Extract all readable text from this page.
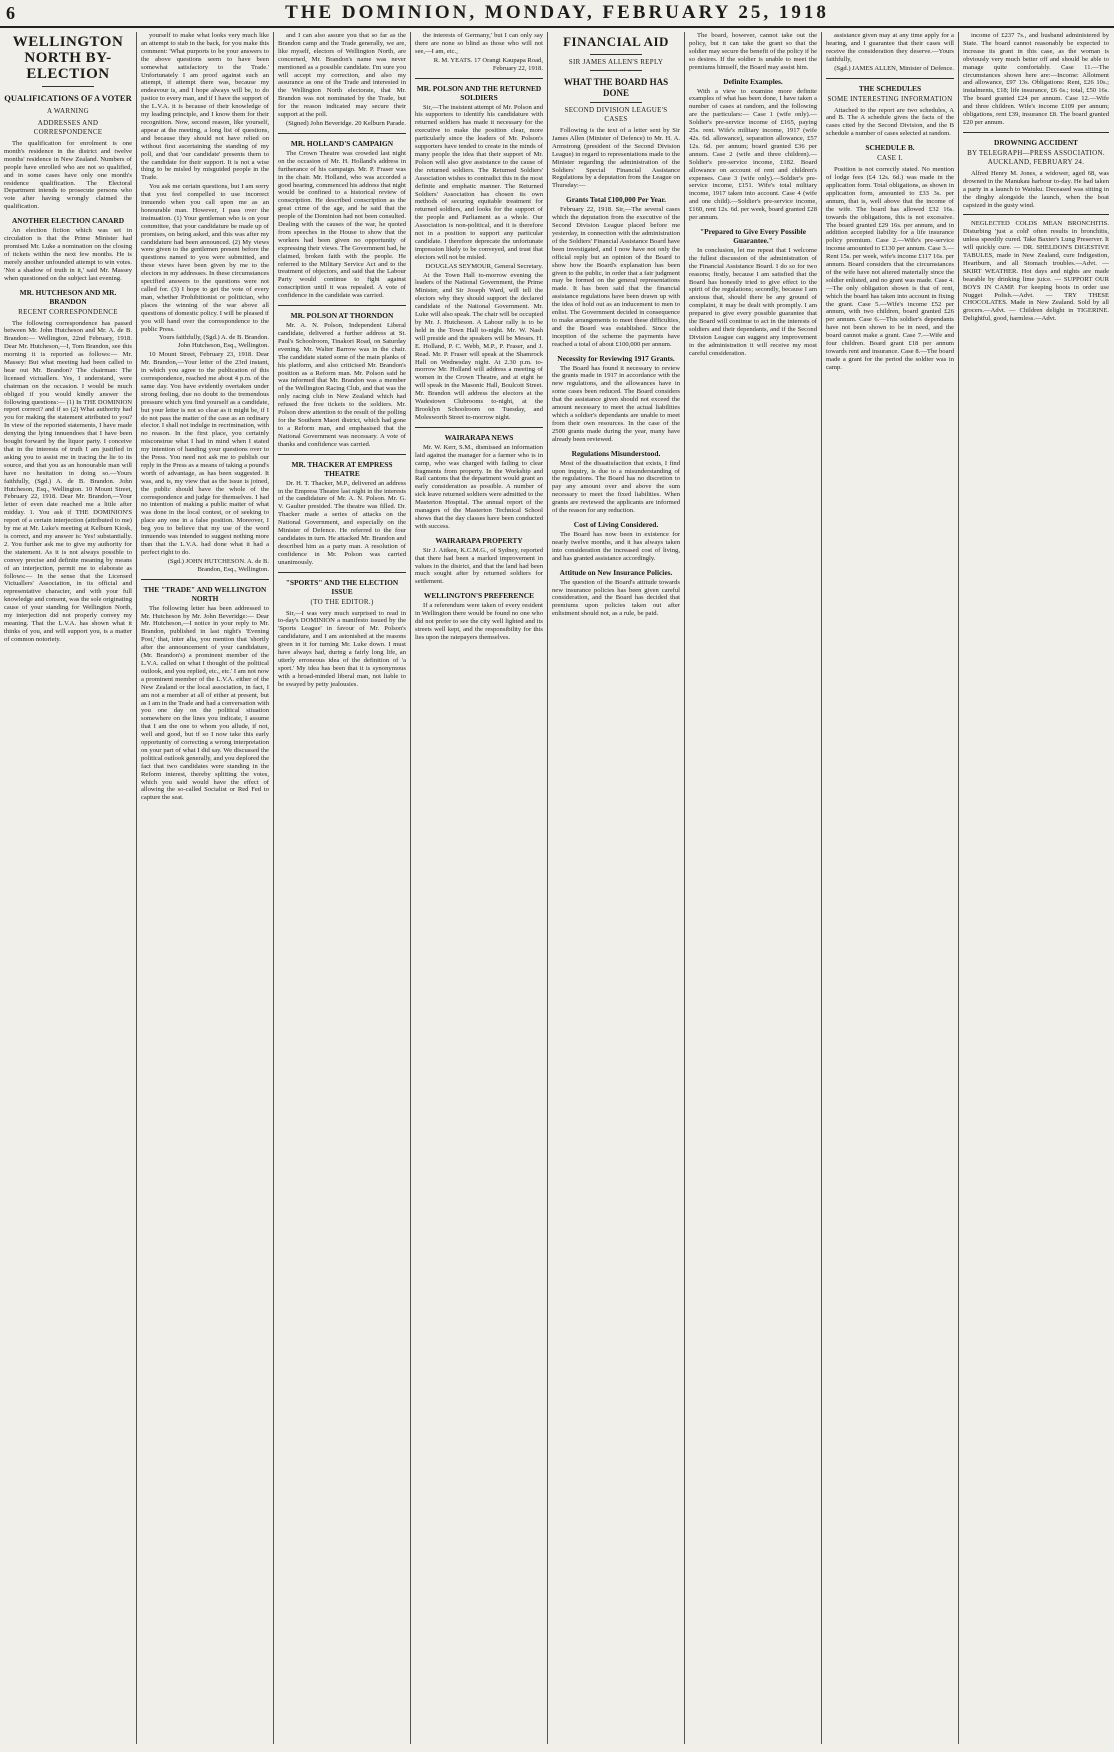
6	THE DOMINION, MONDAY, FEBRUARY 25, 1918
WELLINGTON NORTH BY-ELECTION
QUALIFICATIONS OF A VOTER
A WARNING
ADDRESSES AND CORRESPONDENCE

The qualification for enrolment is one month's residence in the district and twelve months' residence in New Zealand. Numbers of people have enrolled who are not so qualified, and in some cases have only one month's residence qualification. The Electoral Department intends to prosecute persons who vote after having wrongly claimed the qualification.

ANOTHER ELECTION CANARD

An election fiction which was set in circulation is that the Prime Minister had promised Mr. Luke a nomination on the closing of tickets within the next few months. He is merely another unfounded attempt to win votes. 'Not a shadow of truth in it,' said Mr. Massey when questioned on the subject last evening.

MR. HUTCHESON AND MR. BRANDON
RECENT CORRESPONDENCE

The following correspondence has passed between Mr. John Hutcheson and Mr. A. de B. Brandon:— Wellington, 22nd February, 1918. Dear Mr. Hutcheson,—I, Tom Brandon, see this morning it is reported as follows:— Mr. Massey: But what meeting had been called to hear out Mr. Brandon? The chairman: The licensed victuallers. Yes, I understand, were chairman on the occasion. I would be much obliged if you would kindly answer the following questions:— (1) In THE DOMINION report correct? and if so (2) What authority had you for making the statement attributed to you? In view of the reported statements, I have made denying the lying innuendoes that I have been bought forward by the liquor party. I conceive that in the interests of truth I am justified in asking you to assist me in tracing the lie to its source, and that you as an honourable man will have no hesitation in doing so.—Yours faithfully, (Sgd.) A. de B. Brandon. John Hutcheson, Esq., Wellington. 10 Mount Street, February 22, 1918. Dear Mr. Brandon,—Your letter of even date reached me a little after midday. 1. You ask if THE DOMINION'S report of a certain interjection (attributed to me) by me at Mr. Luke's meeting at Kelburn Kiosk, is correct, and my answer is: Yes! substantially. 2. You further ask me to give my authority for the statement. As it is not always possible to convey precise and definite meaning by means of an interjection, permit me to elaborate as follows:— In the sense that the Licensed Victuallers' Association, in its official and representative character, and with your full knowledge and consent, was the sole originating cause of your standing for Wellington North, my interjection did not properly convey my meaning. That the L.V.A. has shown what it thinks of you, and will support you, is a matter of common notoriety.

yourself to make what looks very much like an attempt to stab in the back, for you make this comment: 'What purports to be your answers to the above questions seem to have been somewhat satisfactory to the Trade.' Unfortunately I am proof against such an attempt, if attempt there was, because my endeavour is, and I hope always will be, to do justice to every man, and if I have the support of the L.V.A. it is because of their knowledge of my leading principle, and I know them for their recognition. Now, second reason, like yourself, appear at the meeting, a long list of questions, and because they should not have relied on without first ascertaining the standing of my poll, and that 'our candidate' presents them to the candidate for their support. It is not a wise thing to be misled by misguided people in the Trade.

You ask me certain questions, but I am sorry that you feel compelled to use incorrect innuendo when you call upon me as an honourable man. However, I pass over the insinuation. (1) Your gentleman who is on your committee, that your candidature be made up of promises, on being asked, and this was after my candidature had been announced. (2) My views were given to the gentlemen present before the questions named to you were submitted, and these views have been given by me to the electors in my addresses. In these circumstances specified answers to the questions were not called for. (3) I hope to get the vote of every man, whether Prohibitionist or politician, who places the winning of the war above all questions of domestic policy. I will be pleased if you will hand over the correspondence to the public Press.

Yours faithfully, (Sgd.) A. de B. Brandon. John Hutcheson, Esq., Wellington.

10 Mount Street, February 23, 1918. Dear Mr. Brandon,—Your letter of the 23rd instant, in which you agree to the publication of this correspondence, reached me about 4 p.m. of the same day. You have evidently overtaken under strong feeling, due no doubt to the tremendous pressure which you find yourself as a candidate, but your letter is not so clear as it might be, if I do not pass the matter of the case as an ordinary elector. I shall not indulge in recrimination, with no reason. In the first place, you certainly misconstrue what I had in mind when I stated my intention of handing your questions over to the Press. You need not ask me to publish our reply in the Press as a means of taking a pound's worth of advantage, as has been suggested. It was, and is, my view that as the issue is joined, the public should have the whole of the correspondence and judge for themselves. I had no intention of making a public matter of what was done in the local contest, or of seeking to place any one in a false position. Moreover, I beg you to believe that my use of the word innuendo was intended to suggest nothing more than that the L.V.A. had done what it had a perfect right to do.

(Sgd.) JOHN HUTCHESON. A. de B. Brandon, Esq., Wellington.

THE "TRADE" AND WELLINGTON NORTH

The following letter has been addressed to Mr. Hutcheson by Mr. John Beveridge:— Dear Mr. Hutcheson,—I notice in your reply to Mr. Brandon, published in last night's 'Evening Post,' that, inter alia, you mention that 'shortly after the announcement of your candidature, (Mr. Brandon's) a prominent member of the L.V.A. called on what I thought of the political outlook, and you replied, etc., etc.' I am not now a prominent member of the L.V.A. either of the New Zealand or the local association, in fact, I am not a member at all of either at present, but as I am in the Trade and had a conversation with you one day on the political situation somewhere on the lines you indicate, I assume that I am the one to whom you allude, if not, well and good, but if so I now take this early opportunity of correcting a wrong interpretation on your part of what I did say. We discussed the political outlook generally, and you deplored the fact that two candidates were standing in the Reform interest, thereby splitting the votes, which you said would have the effect of allowing the so-called Socialist or Red Fed to capture the seat.

and I can also assure you that so far as the Brandon camp and the Trade generally, we are, like myself, electors of Wellington North, are concerned, Mr. Brandon's name was never mentioned as a possible candidate. I'm sure you will accept my correction, and also my assurance as one of the Trade and interested in the Wellington North electorate, that Mr. Brandon was not nominated by the Trade, but for the reason indicated may secure their support at the poll.

(Signed) John Beveridge. 20 Kelburn Parade.

MR. HOLLAND'S CAMPAIGN

The Crown Theatre was crowded last night on the occasion of Mr. H. Holland's address in furtherance of his campaign. Mr. P. Fraser was in the chair. Mr. Holland, who was accorded a good hearing, commenced his address that night would be confined to a historical review of conscription. He described conscription as the great crime of the age, and he said that the people of the Dominion had not been consulted. Dealing with the causes of the war, he quoted from speeches in the House to show that the workers had been given no opportunity of expressing their views. The Government had, he claimed, broken faith with the people. He referred to the Military Service Act and to the treatment of objectors, and said that the Labour Party would continue to fight against conscription until it was repealed. A vote of confidence in the candidate was carried.

MR. POLSON AT THORNDON

Mr. A. N. Polson, Independent Liberal candidate, delivered a further address at St. Paul's Schoolroom, Tinakori Road, on Saturday evening. Mr. Walter Barrow was in the chair. The candidate stated some of the main planks of his platform, and also criticised Mr. Brandon's position as a Reform man. Mr. Polson said he was informed that Mr. Brandon was a member of the Wellington Racing Club, and that was the only racing club in New Zealand which had refused the free tickets to the soldiers. Mr. Polson drew attention to the result of the polling for the Southern Maori district, which had gone to a Reform man, and emphasised that the National Government was necessary. A vote of thanks and confidence was carried.

MR. THACKER AT EMPRESS THEATRE

Dr. H. T. Thacker, M.P., delivered an address in the Empress Theatre last night in the interests of the candidature of Mr. A. N. Polson. Mr. G. V. Gaulter presided. The theatre was filled. Dr. Thacker made a series of attacks on the National Government, and especially on the Minister of Defence. He referred to the four candidates in turn. He attacked Mr. Brandon and described him as a party man. A resolution of confidence in Mr. Polson was carried unanimously.

"SPORTS" AND THE ELECTION ISSUE
(TO THE EDITOR.)

Sir,—I was very much surprised to read in to-day's DOMINION a manifesto issued by the 'Sports League' in favour of Mr. Polson's candidature, and I am astonished at the reasons given in it for turning Mr. Luke down. I must have always had, during a fairly long life, an utterly erroneous idea of the definition of 'a sport.' My idea has been that it is synonymous with a broad-minded liberal man, not liable to be swayed by petty jealousies.

the interests of Germany,' but I can only say there are none so blind as those who will not see,—I am, etc.,

R. M. YEATS. 17 Orangi Kaupapa Road, February 22, 1918.

MR. POLSON AND THE RETURNED SOLDIERS

Sir,—The insistent attempt of Mr. Polson and his supporters to identify his candidature with returned soldiers has made it necessary for the executive to make the position clear, more particularly since the leaders of Mr. Polson's supporters have tended to create in the minds of many people the idea that their support of Mr. Polson will also give assistance to the cause of the returned soldiers. The Returned Soldiers' Association wishes to contradict this in the most definite and emphatic manner. The Returned Soldiers' Association has chosen its own methods of securing equitable treatment for returned soldiers, and looks for the support of the people and Parliament as a whole. Our Association is non-political, and it is therefore not in a position to support any particular candidate. I therefore deprecate the unfortunate impression likely to be conveyed, and trust that electors will not be misled.

DOUGLAS SEYMOUR, General Secretary.

At the Town Hall to-morrow evening the leaders of the National Government, the Prime Minister, and Sir Joseph Ward, will tell the electors why they should support the declared candidate of the National Government. Mr. Luke will also speak. The chair will be occupied by Mr. J. Hutcheson. A Labour rally is to be held in the Town Hall to-night. Mr. W. Nash will preside and the speakers will be Messrs. H. E. Holland, P. C. Webb, M.P., P. Fraser, and J. Read. Mr. P. Fraser will speak at the Shamrock Hall on Wednesday night. At 2.30 p.m. to-morrow Mr. Holland will address a meeting of women in the Crown Theatre, and at eight he will speak in the Masonic Hall, Boulcott Street. Mr. Brandon will address the electors at the Wadestown Clubrooms to-night, at the Brooklyn Schoolroom on Tuesday, and Molesworth Street to-morrow night.

WAIRARAPA NEWS

Mr. W. Kerr, S.M., dismissed an information laid against the manager for a farmer who is in camp, who was charged with failing to clear fragments from property. In the Workship and Rail cantons that the department would grant an early consideration as possible. A number of sick leave returned soldiers were admitted to the Masterton Hospital. The annual report of the managers of the Masterton Technical School shows that the day classes have been conducted with success.

WAIRARAPA PROPERTY

Sir J. Aitken, K.C.M.G., of Sydney, reported that there had been a marked improvement in values in the district, and that the land had been much sought after by returned soldiers for settlement.

WELLINGTON'S PREFERENCE

If a referendum were taken of every resident in Wellington there would be found no one who did not prefer to see the city well lighted and its streets well kept, and the responsibility for this lies upon the ratepayers themselves.

FINANCIAL AID
SIR JAMES ALLEN'S REPLY
WHAT THE BOARD HAS DONE
SECOND DIVISION LEAGUE'S CASES

Following is the text of a letter sent by Sir James Allen (Minister of Defence) to Mr. H. A. Armstrong (president of the Second Division League) in regard to representations made to the Minister regarding the administration of the Soldiers' Special Financial Assistance Regulations by a deputation from the League on Thursday:—

Grants Total £100,000 Per Year.

February 22, 1918. Sir,—The several cases which the deputation from the executive of the Second Division League placed before me yesterday, in connection with the administration of the Soldiers' Financial Assistance Board have been investigated, and I now have not only the official reply but an opinion of the Board to show how the Board's explanation has been given to the public, in order that a fair judgment may be formed on the general representations made. It has been said that the financial assistance regulations have been drawn up with the idea of hold out as an inducement to men to enlist. The Government decided in consequence to make arrangements to meet these difficulties, and the Board was established. Since the inception of the scheme the payments have reached a total of about £100,000 per annum.

Necessity for Reviewing 1917 Grants.

The Board has found it necessary to review the grants made in 1917 in accordance with the new regulations, and the allowances have in some cases been reduced. The Board considers that the assistance given should not exceed the amount necessary to meet the actual liabilities which a soldier's dependants are unable to meet from their own resources. In the case of the 2500 grants made during the year, many have already been reviewed.

Regulations Misunderstood.

Most of the dissatisfaction that exists, I find upon inquiry, is due to a misunderstanding of the regulations. The Board has no discretion to pay any amount over and above the sum necessary to meet the fixed liabilities. When grants are reviewed the applicants are informed of the reason for any reduction.

Cost of Living Considered.

The Board has now been in existence for nearly twelve months, and it has always taken into consideration the increased cost of living, and has granted assistance accordingly.

Attitude on New Insurance Policies.

The question of the Board's attitude towards new insurance policies has been given careful consideration, and the Board has decided that premiums upon policies taken out after enlistment should not, as a rule, be paid.

The board, however, cannot take out the policy, but it can take the grant so that the soldier may secure the benefit of the policy if he so desires. If the soldier is unable to meet the premiums himself, the Board may assist him.

Definite Examples.

With a view to examine more definite examples of what has been done, I have taken a number of cases at random, and the following are the particulars:— Case 1 (wife only).—Soldier's pre-service income of £165, paying 25s. rent. Wife's military income, 1917 (wife 42s. 6d. allowance), separation allowance, £57 12s. 6d. per annum; board granted £36 per annum. Case 2 (wife and three children).—Soldier's pre-service income, £182. Board allowance on account of rent and children's expenses. Case 3 (wife only).—Soldier's pre-service income, £151. Wife's total military income, 1917 taken into account. Case 4 (wife and one child).—Soldier's pre-service income, £160, rent 12s. 6d. per week, board granted £28 per annum.

"Prepared to Give Every Possible Guarantee."

In conclusion, let me repeat that I welcome the fullest discussion of the administration of the Financial Assistance Board. I do so for two reasons; firstly, because I am satisfied that the Board has honestly tried to give effect to the spirit of the regulations; secondly, because I am anxious that, should there be any ground of complaint, it may be dealt with promptly. I am prepared to give every possible guarantee that the Board will continue to act in the interests of soldiers and their dependants, and if the Second Division League can suggest any improvement in the administration it will receive my most careful consideration.

assistance given may at any time apply for a hearing, and I guarantee that their cases will receive the consideration they deserve.—Yours faithfully,

(Sgd.) JAMES ALLEN, Minister of Defence.

THE SCHEDULES
SOME INTERESTING INFORMATION

Attached to the report are two schedules, A and B. The A schedule gives the facts of the cases cited by the Second Division, and the B schedule a number of cases selected at random.

SCHEDULE B.
CASE I.

Position is not correctly stated. No mention of lodge fees (£4 12s. 6d.) was made in the application form. Total obligations, as shown in application form, amounted to £33 3s. per annum, that is, well above that the income of the wife. The board has allowed £32 16s. towards the obligations, this is not excessive. The board granted £29 16s. per annum, and in addition accepted liability for a life insurance policy premium. Case 2.—Wife's pre-service income amounted to £130 per annum. Case 3.—Rent 15s. per week, wife's income £117 16s. per annum. Board considers that the circumstances of the wife have not altered materially since the soldier enlisted, and no grant was made. Case 4.—The only obligation shown is that of rent, which the board has taken into account in fixing the grant. Case 5.—Wife's income £52 per annum, with two children, board granted £26 per annum. Case 6.—This soldier's dependants have not been shown to be in need, and the board cannot make a grant. Case 7.—Wife and four children. Board grant £18 per annum towards rent and insurance. Case 8.—The board made a grant for the period the soldier was in camp.

income of £237 7s., and husband administered by State. The board cannot reasonably be expected to increase its grant in this case, as the woman is obviously very much better off and should be able to manage quite comfortably. Case 11.—The circumstances shown here are:—Income: Allotment and allowance, £97 13s. Obligations: Rent, £26 10s.; instalments, £18; life insurance, £6 6s.; total, £50 16s. The board granted £24 per annum. Case 12.—Wife and three children. Wife's income £109 per annum; obligations, rent £39, insurance £8. The board granted £20 per annum.

DROWNING ACCIDENT
BY TELEGRAPH—PRESS ASSOCIATION. AUCKLAND, FEBRUARY 24.

Alfred Henry M. Jones, a widower, aged 68, was drowned in the Manukau harbour to-day. He had taken a party in a launch to Waiuku. Deceased was sitting in the dinghy alongside the launch, when the boat capsized in the gusty wind.

NEGLECTED COLDS MEAN BRONCHITIS. Disturbing 'just a cold' often results in bronchitis, unless speedily cured. Take Baxter's Lung Preserver. It will quickly cure. — DR. SHELDON'S DIGESTIVE TABULES, made in New Zealand, cure Indigestion, Heartburn, and all Stomach troubles.—Advt. — SKIRT WEATHER. Hot days and nights are made bearable by drinking lime juice. — SUPPORT OUR BOYS IN CAMP. For keeping boots in order use Nugget Polish.—Advt. — TRY THESE CHOCOLATES. Made in New Zealand. Sold by all grocers.—Advt. — Children delight in TIGERINE. Delightful, good, harmless.—Advt.
